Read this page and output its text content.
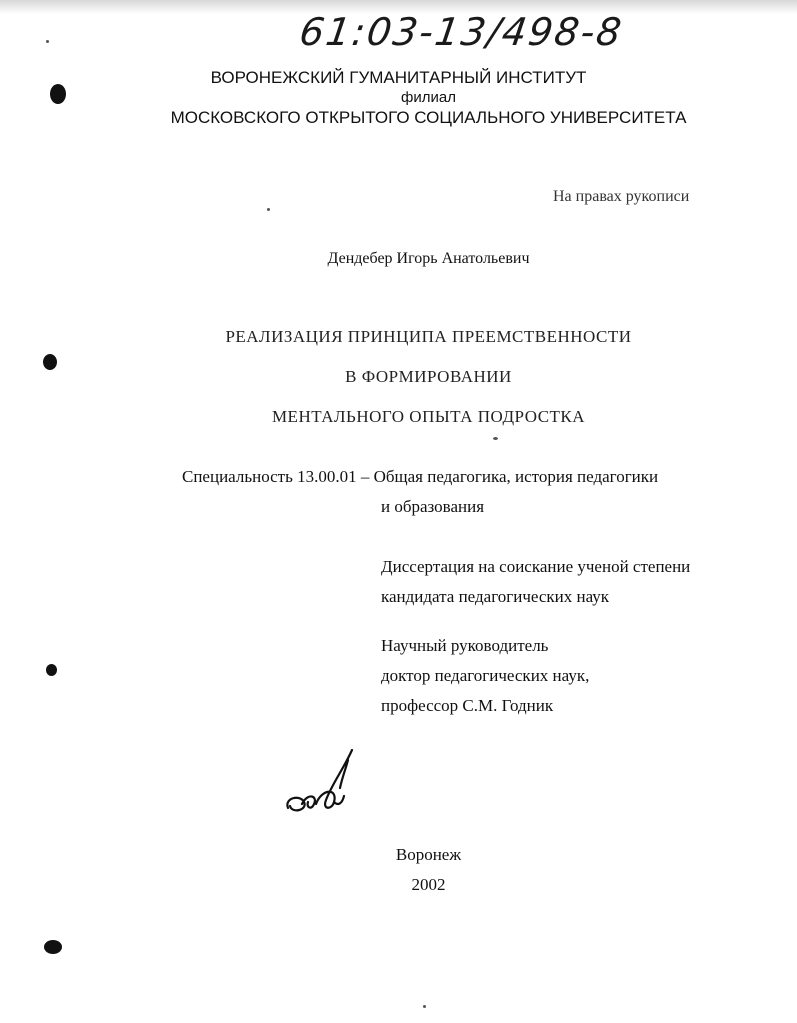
61:03-13/498-8
ВОРОНЕЖСКИЙ ГУМАНИТАРНЫЙ ИНСТИТУТ
филиал
МОСКОВСКОГО ОТКРЫТОГО СОЦИАЛЬНОГО УНИВЕРСИТЕТА
На правах рукописи
Дендебер Игорь Анатольевич
РЕАЛИЗАЦИЯ ПРИНЦИПА ПРЕЕМСТВЕННОСТИ
В ФОРМИРОВАНИИ
МЕНТАЛЬНОГО ОПЫТА ПОДРОСТКА
Специальность 13.00.01 – Общая педагогика, история педагогики
и образования
Диссертация на соискание ученой степени
кандидата педагогических наук
Научный руководитель
доктор педагогических наук,
профессор С.М. Годник
Воронеж
2002
